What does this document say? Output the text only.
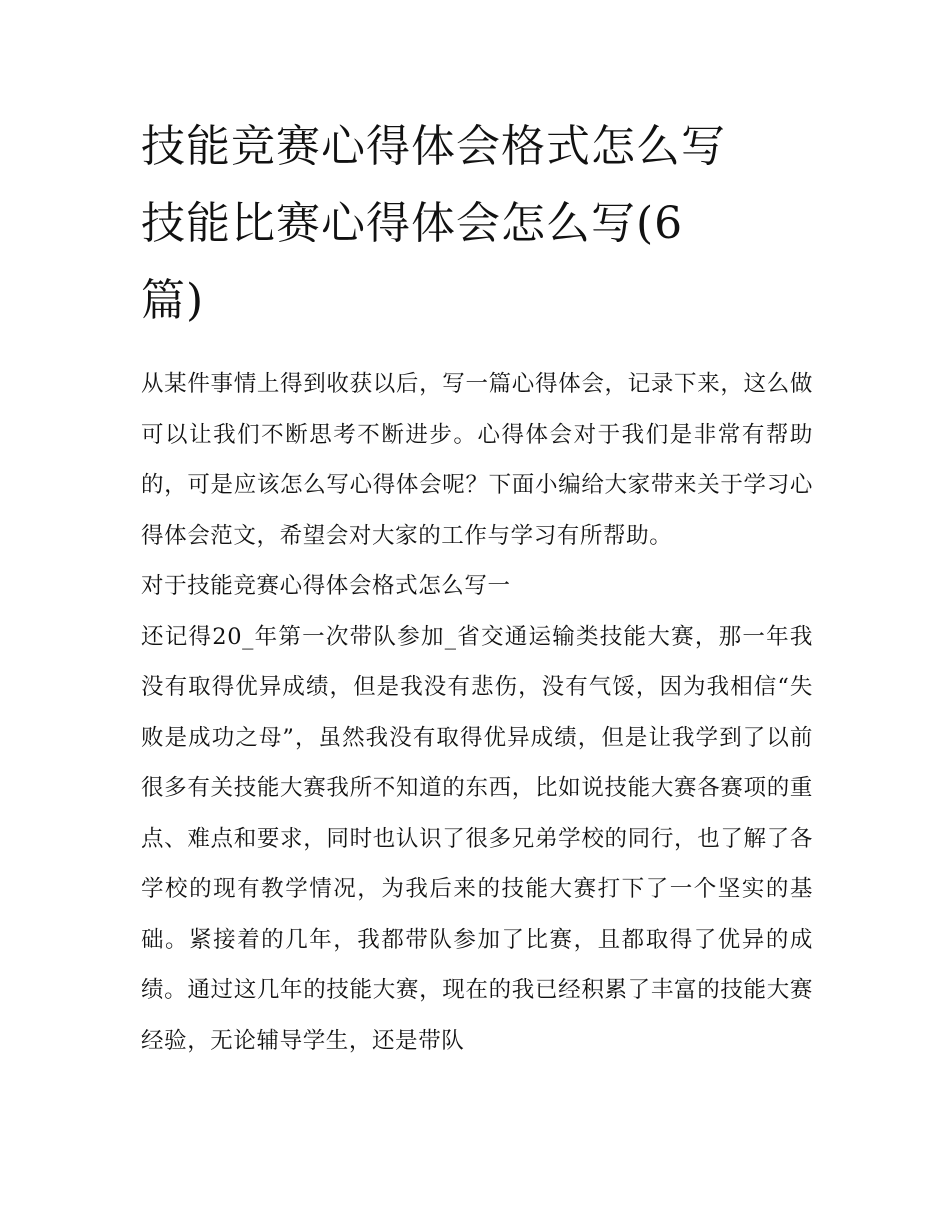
技能竞赛心得体会格式怎么写
技能比赛心得体会怎么写(6
篇)

从某件事情上得到收获以后，写一篇心得体会，记录下来，这么做可以让我们不断思考不断进步。心得体会对于我们是非常有帮助的，可是应该怎么写心得体会呢？下面小编给大家带来关于学习心得体会范文，希望会对大家的工作与学习有所帮助。

对于技能竞赛心得体会格式怎么写一

还记得20_年第一次带队参加_省交通运输类技能大赛，那一年我没有取得优异成绩，但是我没有悲伤，没有气馁，因为我相信“失败是成功之母”，虽然我没有取得优异成绩，但是让我学到了以前很多有关技能大赛我所不知道的东西，比如说技能大赛各赛项的重点、难点和要求，同时也认识了很多兄弟学校的同行，也了解了各学校的现有教学情况，为我后来的技能大赛打下了一个坚实的基础。紧接着的几年，我都带队参加了比赛，且都取得了优异的成绩。通过这几年的技能大赛，现在的我已经积累了丰富的技能大赛经验，无论辅导学生，还是带队
